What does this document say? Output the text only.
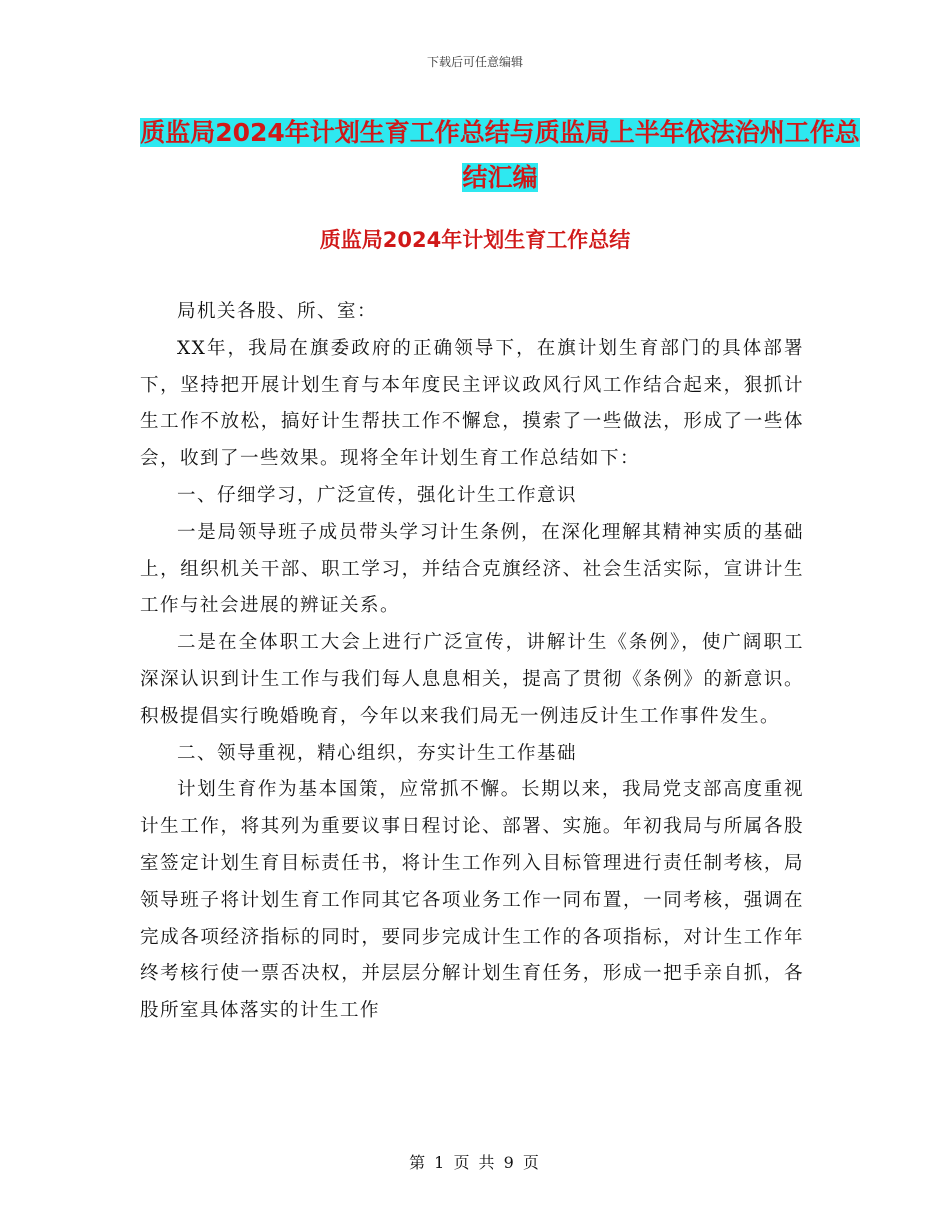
下载后可任意编辑
质监局2024年计划生育工作总结与质监局上半年依法治州工作总结汇编
质监局2024年计划生育工作总结

局机关各股、所、室：

XX年，我局在旗委政府的正确领导下，在旗计划生育部门的具体部署下，坚持把开展计划生育与本年度民主评议政风行风工作结合起来，狠抓计生工作不放松，搞好计生帮扶工作不懈怠，摸索了一些做法，形成了一些体会，收到了一些效果。现将全年计划生育工作总结如下：

一、仔细学习，广泛宣传，强化计生工作意识

一是局领导班子成员带头学习计生条例，在深化理解其精神实质的基础上，组织机关干部、职工学习，并结合克旗经济、社会生活实际，宣讲计生工作与社会进展的辨证关系。

二是在全体职工大会上进行广泛宣传，讲解计生《条例》，使广阔职工深深认识到计生工作与我们每人息息相关，提高了贯彻《条例》的新意识。积极提倡实行晚婚晚育，今年以来我们局无一例违反计生工作事件发生。

二、领导重视，精心组织，夯实计生工作基础

计划生育作为基本国策，应常抓不懈。长期以来，我局党支部高度重视计生工作，将其列为重要议事日程讨论、部署、实施。年初我局与所属各股室签定计划生育目标责任书，将计生工作列入目标管理进行责任制考核，局领导班子将计划生育工作同其它各项业务工作一同布置，一同考核，强调在完成各项经济指标的同时，要同步完成计生工作的各项指标，对计生工作年终考核行使一票否决权，并层层分解计划生育任务，形成一把手亲自抓，各股所室具体落实的计生工作

第 1 页 共 9 页
